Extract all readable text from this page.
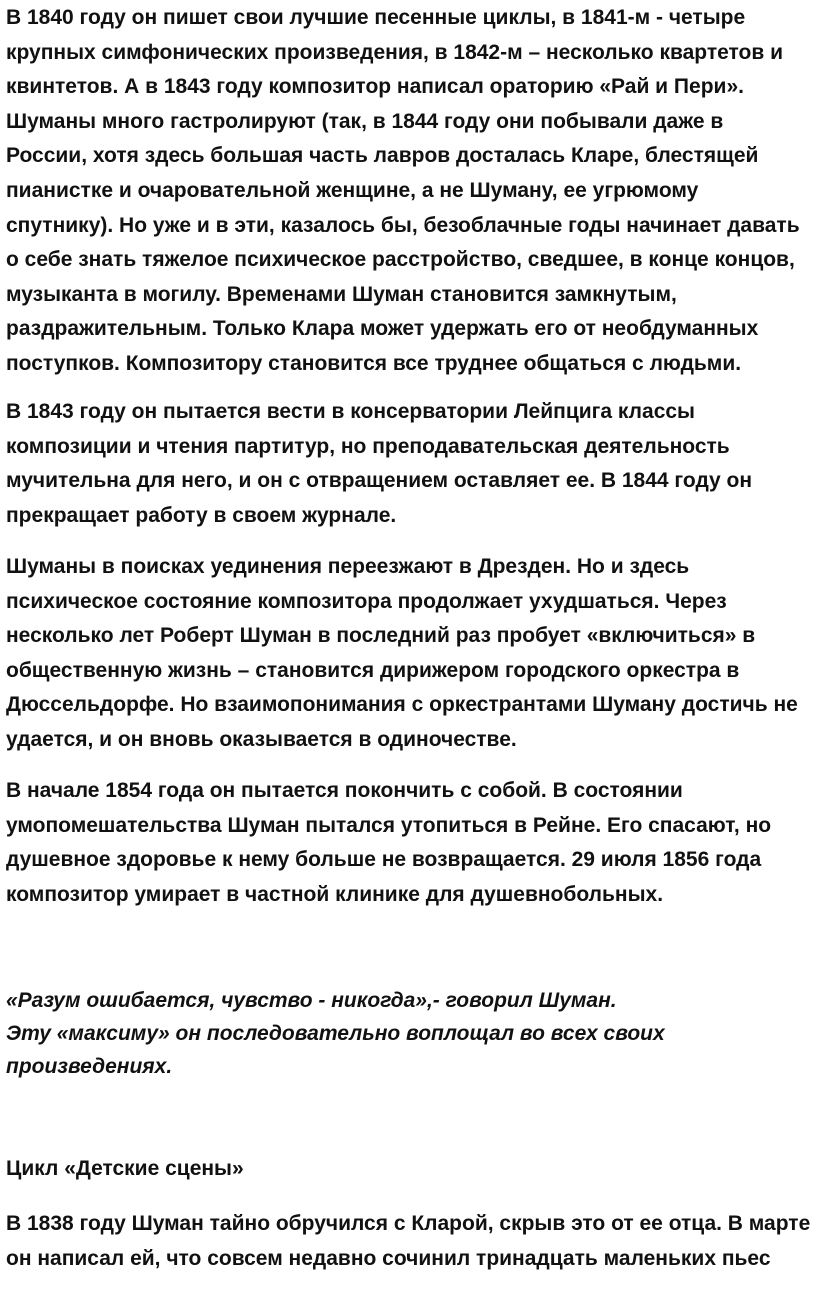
В 1840 году он пишет свои лучшие песенные циклы, в 1841-м - четыре
крупных симфонических произведения, в 1842-м – несколько квартетов и
квинтетов. А в 1843 году композитор написал ораторию «Рай и Пери».
Шуманы много гастролируют (так, в 1844 году они побывали даже в
России, хотя здесь большая часть лавров досталась Кларе, блестящей
пианистке и очаровательной женщине, а не Шуману, ее угрюмому
спутнику). Но уже и в эти, казалось бы, безоблачные годы начинает давать
о себе знать тяжелое психическое расстройство, сведшее, в конце концов,
музыканта в могилу. Временами Шуман становится замкнутым,
раздражительным. Только Клара может удержать его от необдуманных
поступков. Композитору становится все труднее общаться с людьми.

В 1843 году он пытается вести в консерватории Лейпцига классы
композиции и чтения партитур, но преподавательская деятельность
мучительна для него, и он с отвращением оставляет ее. В 1844 году он
прекращает работу в своем журнале.

Шуманы в поисках уединения переезжают в Дрезден. Но и здесь
психическое состояние композитора продолжает ухудшаться. Через
несколько лет Роберт Шуман в последний раз пробует «включиться» в
общественную жизнь – становится дирижером городского оркестра в
Дюссельдорфе. Но взаимопонимания с оркестрантами Шуману достичь не
удается, и он вновь оказывается в одиночестве.

В начале 1854 года он пытается покончить с собой. В состоянии
умопомешательства Шуман пытался утопиться в Рейне. Его спасают, но
душевное здоровье к нему больше не возвращается. 29 июля 1856 года
композитор умирает в частной клинике для душевнобольных.

«Разум ошибается, чувство - никогда»,- говорил Шуман.
Эту «максиму» он последовательно воплощал во всех своих
произведениях.

Цикл «Детские сцены»

В 1838 году Шуман тайно обручился с Кларой, скрыв это от ее отца. В марте
он написал ей, что совсем недавно сочинил тринадцать маленьких пьес
